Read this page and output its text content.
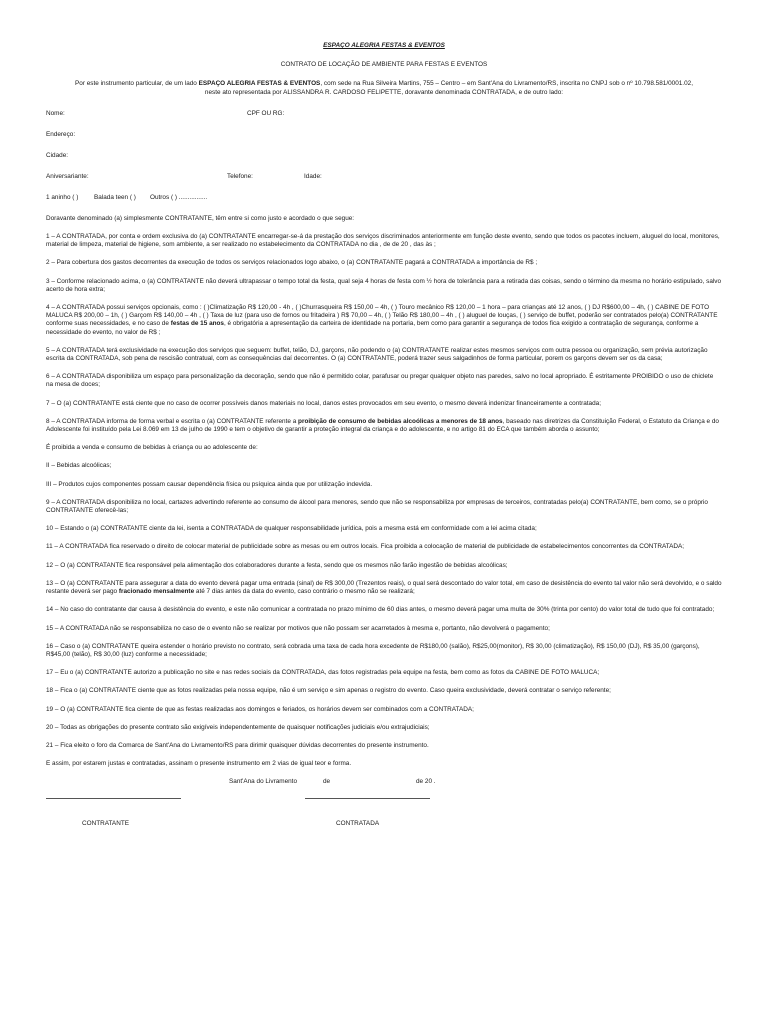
ESPAÇO ALEGRIA FESTAS & EVENTOS
CONTRATO DE LOCAÇÃO DE AMBIENTE PARA FESTAS E EVENTOS
Por este instrumento particular, de um lado ESPAÇO ALEGRIA FESTAS & EVENTOS, com sede na Rua Silveira Martins, 755 – Centro – em Sant'Ana do Livramento/RS, inscrita no CNPJ sob o nº 10.798.581/0001.02,
neste ato representada por ALISSANDRA R. CARDOSO FELIPETTE, doravante denominada CONTRATADA, e de outro lado:
Nome:	CPF OU RG:
Endereço:
Cidade:
Aniversariante:	Telefone:	Idade:
1 aninho ( ) Balada teen ( ) Outros ( ) ................
Doravante denominado (a) simplesmente CONTRATANTE, têm entre si como justo e acordado o que segue:
1 – A CONTRATADA, por conta e ordem exclusiva do (a) CONTRATANTE encarregar-se-á da prestação dos serviços discriminados anteriormente em função deste evento, sendo que todos os pacotes incluem, aluguel do local, monitores, material de limpeza, material de higiene, som ambiente, a ser realizado no estabelecimento da CONTRATADA no dia , de de 20 , das às ;
2 – Para cobertura dos gastos decorrentes da execução de todos os serviços relacionados logo abaixo, o (a) CONTRATANTE pagará a CONTRATADA a importância de R$ ;
3 – Conforme relacionado acima, o (a) CONTRATANTE não deverá ultrapassar o tempo total da festa, qual seja 4 horas de festa com ½ hora de tolerância para a retirada das coisas, sendo o término da mesma no horário estipulado, salvo acerto de hora extra;
4 – A CONTRATADA possui serviços opcionais, como : ( )Climatização R$ 120,00 - 4h , ( )Churrasqueira R$ 150,00 – 4h, ( ) Touro mecânico R$ 120,00 – 1 hora – para crianças até 12 anos, ( ) DJ R$600,00 – 4h, ( ) CABINE DE FOTO MALUCA R$ 200,00 – 1h, ( ) Garçom R$ 140,00 – 4h , ( ) Taxa de luz (para uso de fornos ou fritadeira ) R$ 70,00 – 4h, ( ) Telão R$ 180,00 – 4h , ( ) aluguel de louças, ( ) serviço de buffet, poderão ser contratados pelo(a) CONTRATANTE conforme suas necessidades, e no caso de festas de 15 anos, é obrigatória a apresentação da carteira de identidade na portaria, bem como para garantir a segurança de todos fica exigido a contratação de segurança, conforme a necessidade do evento, no valor de R$ ;
5 – A CONTRATADA terá exclusividade na execução dos serviços que seguem: buffet, telão, DJ, garçons, não podendo o (a) CONTRATANTE realizar estes mesmos serviços com outra pessoa ou organização, sem prévia autorização escrita da CONTRATADA, sob pena de rescisão contratual, com as consequências daí decorrentes. O (a) CONTRATANTE, poderá trazer seus salgadinhos de forma particular, porem os garçons devem ser os da casa;
6 – A CONTRATADA disponibiliza um espaço para personalização da decoração, sendo que não é permitido colar, parafusar ou pregar qualquer objeto nas paredes, salvo no local apropriado. É estritamente PROIBIDO o uso de chiclete na mesa de doces;
7 – O (a) CONTRATANTE está ciente que no caso de ocorrer possíveis danos materiais no local, danos estes provocados em seu evento, o mesmo deverá indenizar financeiramente a contratada;
8 – A CONTRATADA informa de forma verbal e escrita o (a) CONTRATANTE referente a proibição de consumo de bebidas alcoólicas a menores de 18 anos, baseado nas diretrizes da Constituição Federal, o Estatuto da Criança e do Adolescente foi instituído pela Lei 8.069 em 13 de julho de 1990 e tem o objetivo de garantir a proteção integral da criança e do adolescente, e no artigo 81 do ECA que também aborda o assunto;
É proibida a venda e consumo de bebidas à criança ou ao adolescente de:
II – Bebidas alcoólicas;
III – Produtos cujos componentes possam causar dependência física ou psíquica ainda que por utilização indevida.
9 – A CONTRATADA disponibiliza no local, cartazes advertindo referente ao consumo de álcool para menores, sendo que não se responsabiliza por empresas de terceiros, contratadas pelo(a) CONTRATANTE, bem como, se o próprio CONTRATANTE oferecê-las;
10 – Estando o (a) CONTRATANTE ciente da lei, isenta a CONTRATADA de qualquer responsabilidade jurídica, pois a mesma está em conformidade com a lei acima citada;
11 – A CONTRATADA fica reservado o direito de colocar material de publicidade sobre as mesas ou em outros locais. Fica proibida a colocação de material de publicidade de estabelecimentos concorrentes da CONTRATADA;
12 – O (a) CONTRATANTE fica responsável pela alimentação dos colaboradores durante a festa, sendo que os mesmos não farão ingestão de bebidas alcoólicas;
13 – O (a) CONTRATANTE para assegurar a data do evento deverá pagar uma entrada (sinal) de R$ 300,00 (Trezentos reais), o qual será descontado do valor total, em caso de desistência do evento tal valor não será devolvido, e o saldo restante deverá ser pago fracionado mensalmente até 7 dias antes da data do evento, caso contrário o mesmo não se realizará;
14 – No caso do contratante dar causa à desistência do evento, e este não comunicar a contratada no prazo mínimo de 60 dias antes, o mesmo deverá pagar uma multa de 30% (trinta por cento) do valor total de tudo que foi contratado;
15 – A CONTRATADA não se responsabiliza no caso de o evento não se realizar por motivos que não possam ser acarretados à mesma e, portanto, não devolverá o pagamento;
16 – Caso o (a) CONTRATANTE queira estender o horário previsto no contrato, será cobrada uma taxa de cada hora excedente de R$180,00 (salão), R$25,00(monitor), R$ 30,00 (climatização), R$ 150,00 (DJ), R$ 35,00 (garçons), R$45,00 (telão), R$ 30,00 (luz) conforme a necessidade;
17 – Eu o (a) CONTRATANTE autorizo a publicação no site e nas redes sociais da CONTRATADA, das fotos registradas pela equipe na festa, bem como as fotos da CABINE DE FOTO MALUCA;
18 – Fica o (a) CONTRATANTE ciente que as fotos realizadas pela nossa equipe, não é um serviço e sim apenas o registro do evento. Caso queira exclusividade, deverá contratar o serviço referente;
19 – O (a) CONTRATANTE fica ciente de que as festas realizadas aos domingos e feriados, os horários devem ser combinados com a CONTRATADA;
20 – Todas as obrigações do presente contrato são exigíveis independentemente de quaisquer notificações judiciais e/ou extrajudiciais;
21 – Fica eleito o foro da Comarca de Sant'Ana do Livramento/RS para dirimir quaisquer dúvidas decorrentes do presente instrumento.
E assim, por estarem justas e contratadas, assinam o presente instrumento em 2 vias de igual teor e forma.
Sant'Ana do Livramento	de	de 20 .
CONTRATANTE	CONTRATADA
